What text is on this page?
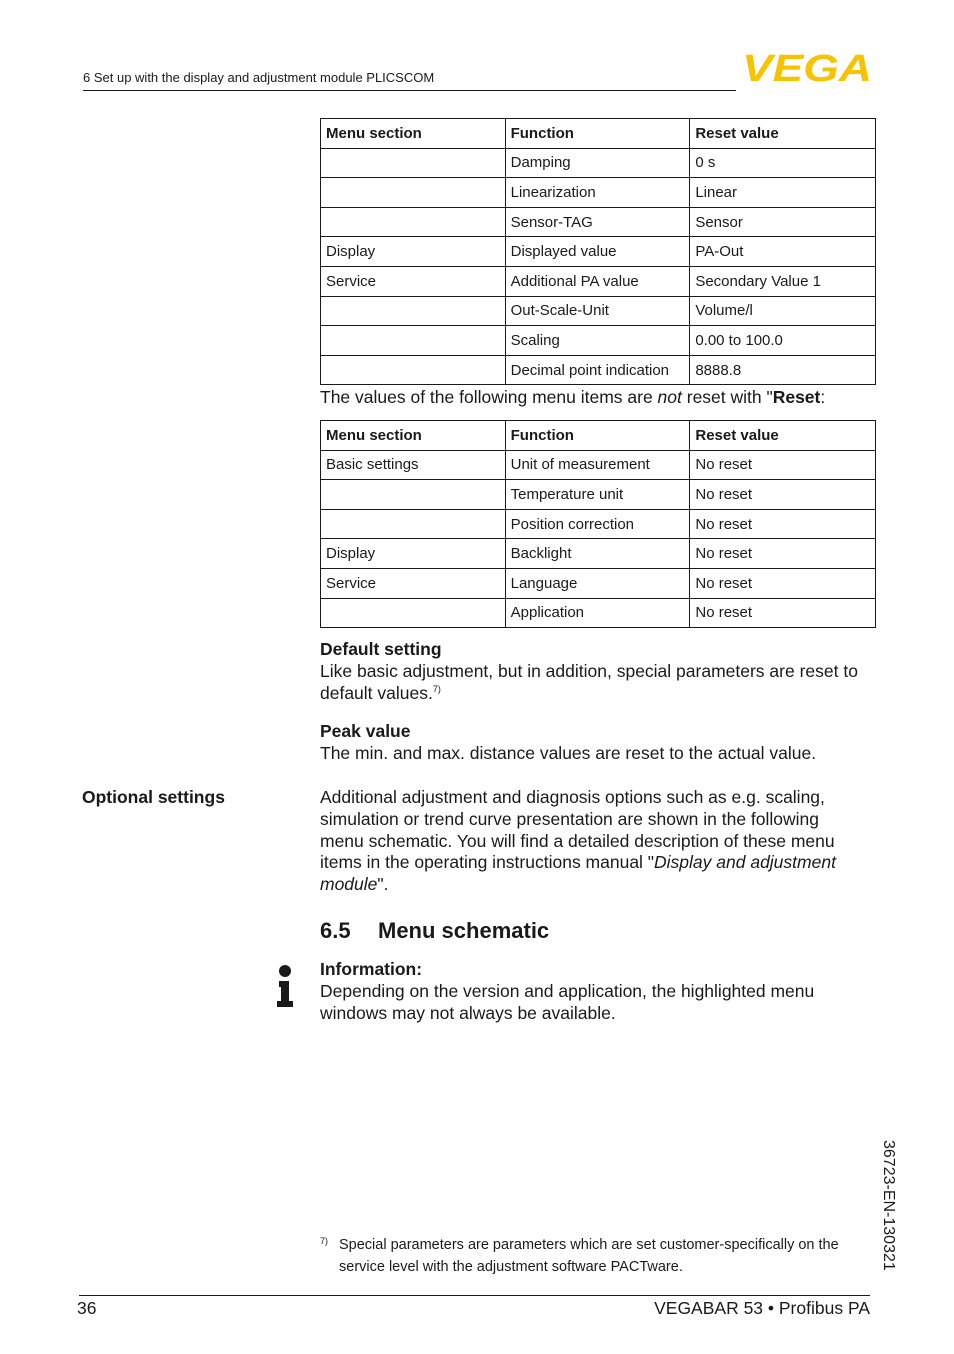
6 Set up with the display and adjustment module PLICSCOM	VEGA
Menu section	Function	Reset value
	Damping	0 s
	Linearization	Linear
	Sensor-TAG	Sensor
Display	Displayed value	PA-Out
Service	Additional PA value	Secondary Value 1
	Out-Scale-Unit	Volume/l
	Scaling	0.00 to 100.0
	Decimal point indication	8888.8
The values of the following menu items are not reset with "Reset:
Menu section	Function	Reset value
Basic settings	Unit of measurement	No reset
	Temperature unit	No reset
	Position correction	No reset
Display	Backlight	No reset
Service	Language	No reset
	Application	No reset
Default setting
Like basic adjustment, but in addition, special parameters are reset to default values.$^{7)}$
Peak value
The min. and max. distance values are reset to the actual value.
Optional settings	Additional adjustment and diagnosis options such as e.g. scaling, simulation or trend curve presentation are shown in the following menu schematic. You will find a detailed description of these menu items in the operating instructions manual "Display and adjustment module".
6.5 Menu schematic
Information:
Depending on the version and application, the highlighted menu windows may not always be available.
7) Special parameters are parameters which are set customer-specifically on the service level with the adjustment software PACTware.	36723-EN-130321
36	VEGABAR 53 • Profibus PA
